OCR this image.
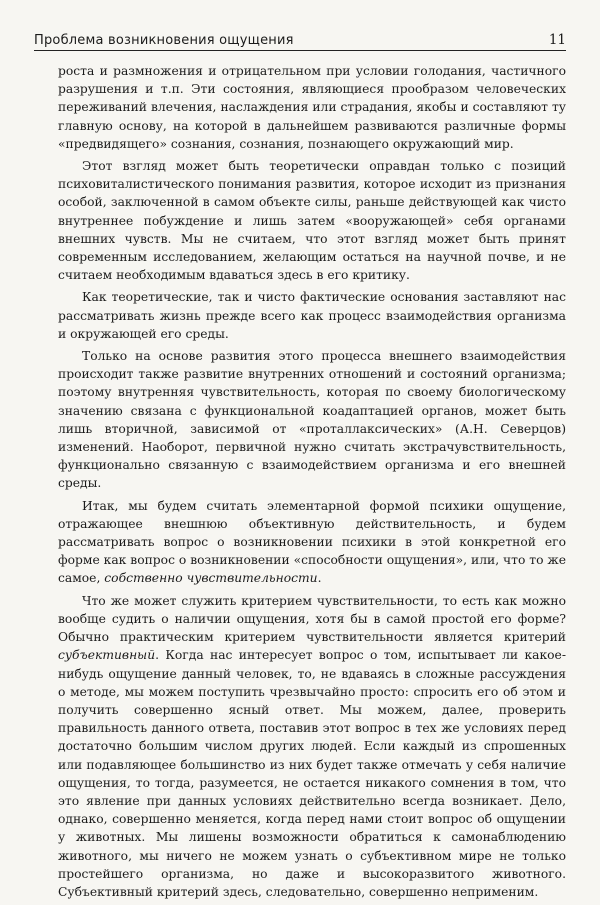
Проблема возникновения ощущения	11

роста и размножения и отрицательном при условии голодания, частичного разрушения и т.п. Эти состояния, являющиеся прообразом человеческих переживаний влечения, наслаждения или страдания, якобы и составляют ту главную основу, на которой в дальнейшем развиваются различные формы «предвидящего» сознания, сознания, познающего окружающий мир.

Этот взгляд может быть теоретически оправдан только с позиций психовиталистического понимания развития, которое исходит из признания особой, заключенной в самом объекте силы, раньше действующей как чисто внутреннее побуждение и лишь затем «вооружающей» себя органами внешних чувств. Мы не считаем, что этот взгляд может быть принят современным исследованием, желающим остаться на научной почве, и не считаем необходимым вдаваться здесь в его критику.

Как теоретические, так и чисто фактические основания заставляют нас рассматривать жизнь прежде всего как процесс взаимодействия организма и окружающей его среды.

Только на основе развития этого процесса внешнего взаимодействия происходит также развитие внутренних отношений и состояний организма; поэтому внутренняя чувствительность, которая по своему биологическому значению связана с функциональной коадаптацией органов, может быть лишь вторичной, зависимой от «проталлаксических» (А.Н. Северцов) изменений. Наоборот, первичной нужно считать экстрачувствительность, функционально связанную с взаимодействием организма и его внешней среды.

Итак, мы будем считать элементарной формой психики ощущение, отражающее внешнюю объективную действительность, и будем рассматривать вопрос о возникновении психики в этой конкретной его форме как вопрос о возникновении «способности ощущения», или, что то же самое, собственно чувствительности.

Что же может служить критерием чувствительности, то есть как можно вообще судить о наличии ощущения, хотя бы в самой простой его форме? Обычно практическим критерием чувствительности является критерий субъективный. Когда нас интересует вопрос о том, испытывает ли какое-нибудь ощущение данный человек, то, не вдаваясь в сложные рассуждения о методе, мы можем поступить чрезвычайно просто: спросить его об этом и получить совершенно ясный ответ. Мы можем, далее, проверить правильность данного ответа, поставив этот вопрос в тех же условиях перед достаточно большим числом других людей. Если каждый из спрошенных или подавляющее большинство из них будет также отмечать у себя наличие ощущения, то тогда, разумеется, не остается никакого сомнения в том, что это явление при данных условиях действительно всегда возникает. Дело, однако, совершенно меняется, когда перед нами стоит вопрос об ощущении у животных. Мы лишены возможности обратиться к самонаблюдению животного, мы ничего не можем узнать о субъективном мире не только простейшего организма, но даже и высокоразвитого животного. Субъективный критерий здесь, следовательно, совершенно неприменим.
